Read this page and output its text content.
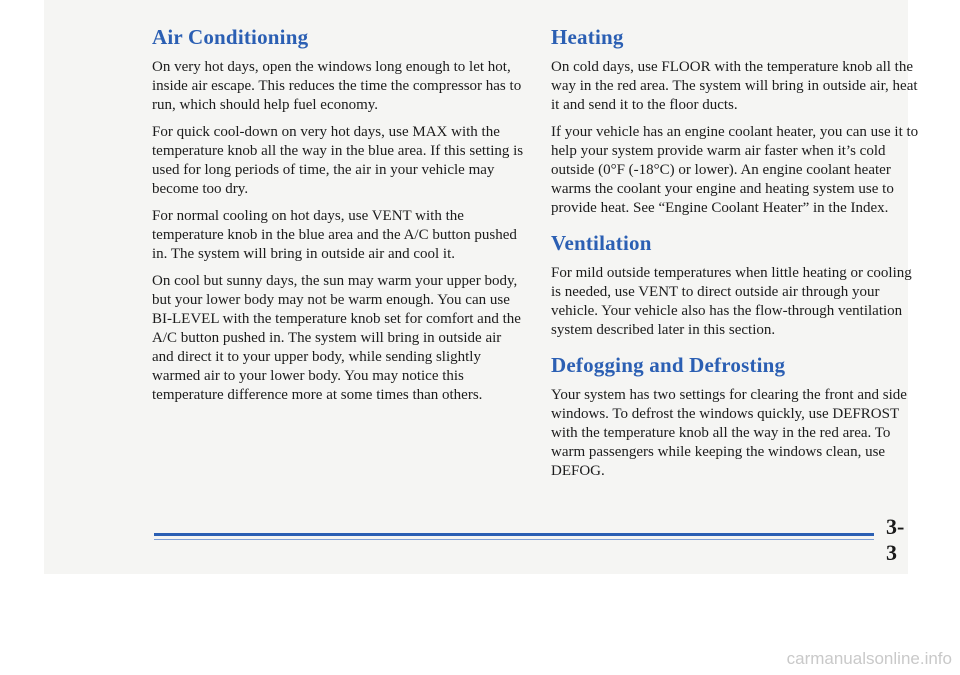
Air Conditioning

On very hot days, open the windows long enough to let hot, inside air escape. This reduces the time the compressor has to run, which should help fuel economy.

For quick cool-down on very hot days, use MAX with the temperature knob all the way in the blue area. If this setting is used for long periods of time, the air in your vehicle may become too dry.

For normal cooling on hot days, use VENT with the temperature knob in the blue area and the A/C button pushed in. The system will bring in outside air and cool it.

On cool but sunny days, the sun may warm your upper body, but your lower body may not be warm enough. You can use BI-LEVEL with the temperature knob set for comfort and the A/C button pushed in. The system will bring in outside air and direct it to your upper body, while sending slightly warmed air to your lower body. You may notice this temperature difference more at some times than others.

Heating

On cold days, use FLOOR with the temperature knob all the way in the red area. The system will bring in outside air, heat it and send it to the floor ducts.

If your vehicle has an engine coolant heater, you can use it to help your system provide warm air faster when it’s cold outside (0°F (-18°C) or lower). An engine coolant heater warms the coolant your engine and heating system use to provide heat. See “Engine Coolant Heater” in the Index.

Ventilation

For mild outside temperatures when little heating or cooling is needed, use VENT to direct outside air through your vehicle. Your vehicle also has the flow-through ventilation system described later in this section.

Defogging and Defrosting

Your system has two settings for clearing the front and side windows. To defrost the windows quickly, use DEFROST with the temperature knob all the way in the red area. To warm passengers while keeping the windows clean, use DEFOG.

3-3
carmanualsonline.info
